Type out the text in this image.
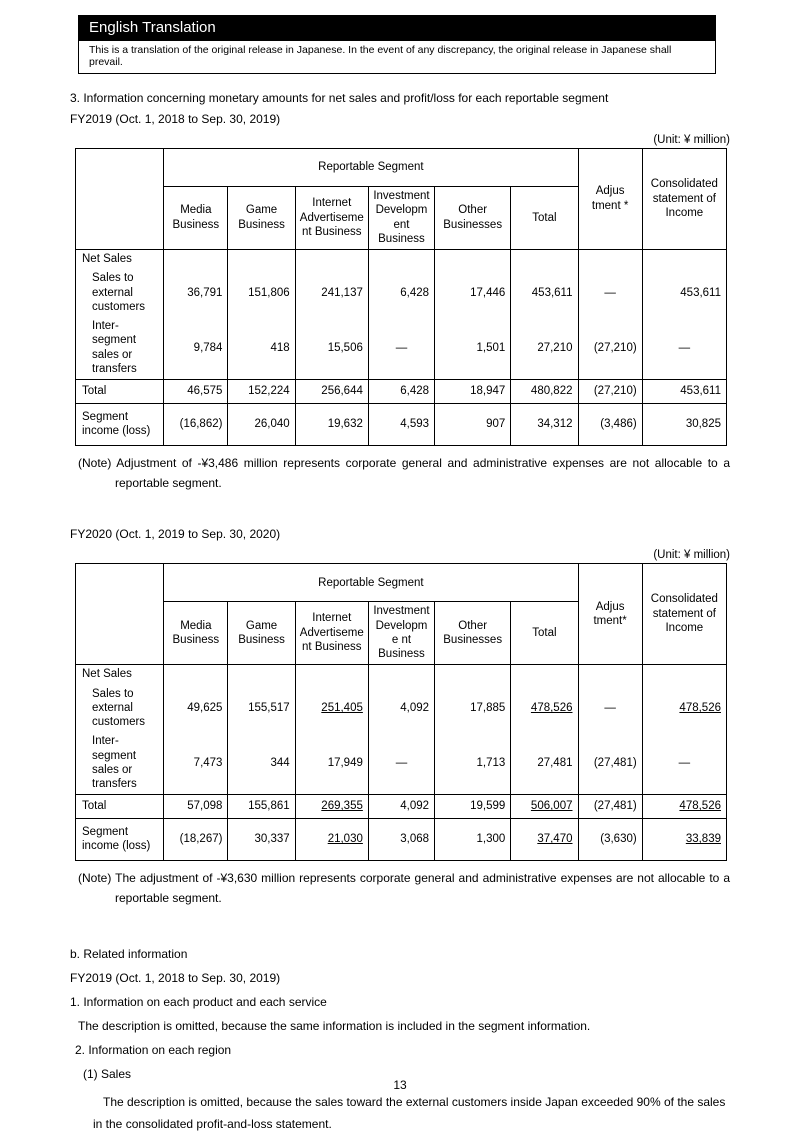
English Translation
This is a translation of the original release in Japanese. In the event of any discrepancy, the original release in Japanese shall prevail.

3. Information concerning monetary amounts for net sales and profit/loss for each reportable segment

FY2019 (Oct. 1, 2018 to Sep. 30, 2019)

(Unit: ¥ million)

	Reportable Segment						Adjus tment *	Consolidated statement of Income
	Media Business	Game Business	Internet Advertiseme nt Business	Investment Developm ent Business	Other Businesses	Total		
Net Sales								
Sales to external customers	36,791	151,806	241,137	6,428	17,446	453,611	—	453,611
Inter-segment sales or transfers	9,784	418	15,506	—	1,501	27,210	(27,210)	—
Total	46,575	152,224	256,644	6,428	18,947	480,822	(27,210)	453,611
Segment income (loss)	(16,862)	26,040	19,632	4,593	907	34,312	(3,486)	30,825

(Note) Adjustment of -¥3,486 million represents corporate general and administrative expenses are not allocable to a reportable segment.

FY2020 (Oct. 1, 2019 to Sep. 30, 2020)

(Unit: ¥ million)

	Reportable Segment						Adjus tment*	Consolidated statement of Income
	Media Business	Game Business	Internet Advertiseme nt Business	Investment Developme nt Business	Other Businesses	Total		
Net Sales								
Sales to external customers	49,625	155,517	251,405	4,092	17,885	478,526	—	478,526
Inter-segment sales or transfers	7,473	344	17,949	—	1,713	27,481	(27,481)	—
Total	57,098	155,861	269,355	4,092	19,599	506,007	(27,481)	478,526
Segment income (loss)	(18,267)	30,337	21,030	3,068	1,300	37,470	(3,630)	33,839

(Note) The adjustment of -¥3,630 million represents corporate general and administrative expenses are not allocable to a reportable segment.

b. Related information

FY2019 (Oct. 1, 2018 to Sep. 30, 2019)

1. Information on each product and each service

The description is omitted, because the same information is included in the segment information.

2. Information on each region

(1) Sales

The description is omitted, because the sales toward the external customers inside Japan exceeded 90% of the sales in the consolidated profit-and-loss statement.

13
